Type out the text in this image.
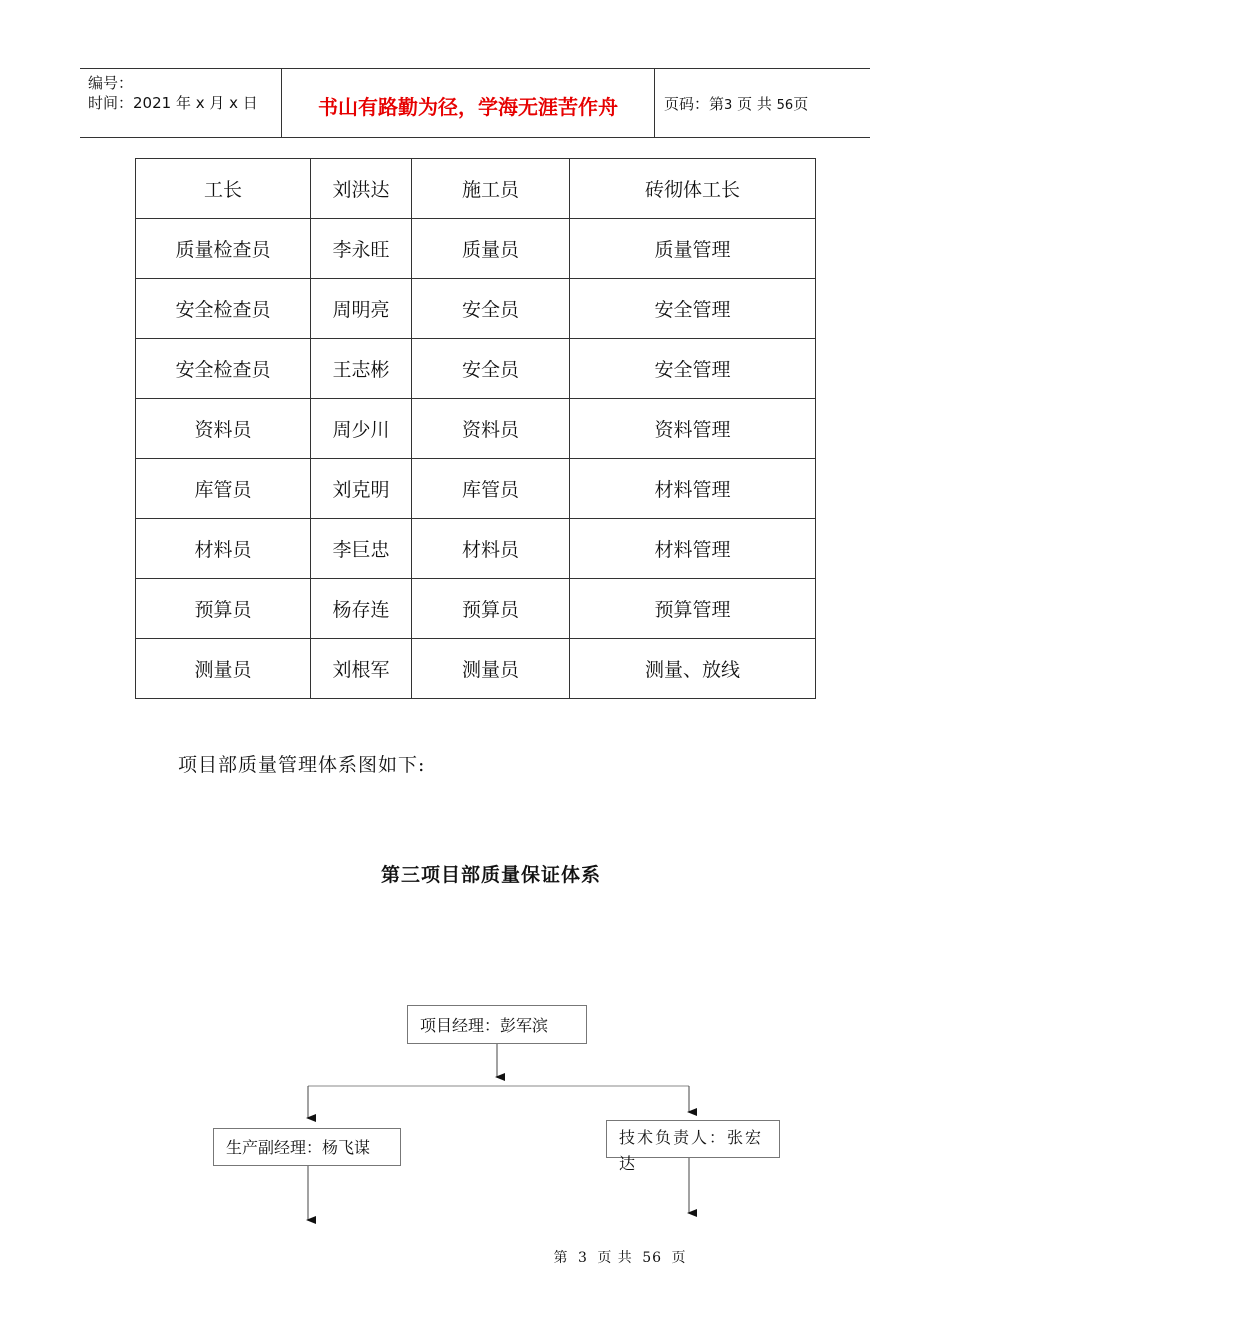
编号：
时间：2021 年 x 月 x 日	书山有路勤为径，学海无涯苦作舟	页码：第3 页 共 56页
工长	刘洪达	施工员	砖彻体工长
质量检查员	李永旺	质量员	质量管理
安全检查员	周明亮	安全员	安全管理
安全检查员	王志彬	安全员	安全管理
资料员	周少川	资料员	资料管理
库管员	刘克明	库管员	材料管理
材料员	李巨忠	材料员	材料管理
预算员	杨存连	预算员	预算管理
测量员	刘根军	测量员	测量、放线
项目部质量管理体系图如下:
第三项目部质量保证体系
项目经理：彭军滨
生产副经理：杨飞谋
技术负责人：张宏达
第 3 页 共 56 页
